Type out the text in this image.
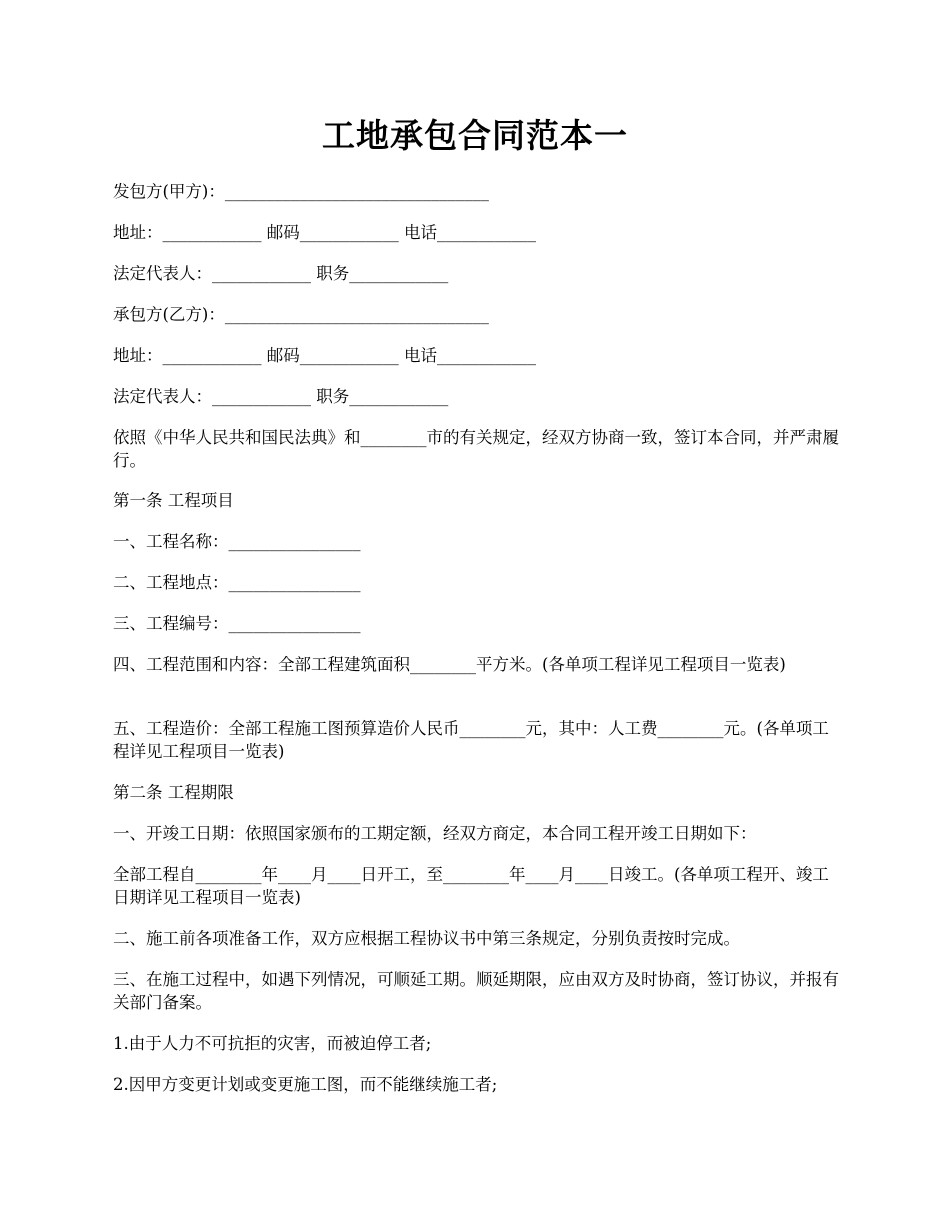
工地承包合同范本一

发包方(甲方)：________________________________

地址：____________ 邮码____________ 电话____________

法定代表人：____________ 职务____________

承包方(乙方)：________________________________

地址：____________ 邮码____________ 电话____________

法定代表人：____________ 职务____________

依照《中华人民共和国民法典》和________市的有关规定，经双方协商一致，签订本合同，并严肃履行。

第一条 工程项目

一、工程名称：________________

二、工程地点：________________

三、工程编号：________________

四、工程范围和内容：全部工程建筑面积________平方米。(各单项工程详见工程项目一览表)

五、工程造价：全部工程施工图预算造价人民币________元，其中：人工费________元。(各单项工程详见工程项目一览表)

第二条 工程期限

一、开竣工日期：依照国家颁布的工期定额，经双方商定，本合同工程开竣工日期如下：

全部工程自________年____月____日开工，至________年____月____日竣工。(各单项工程开、竣工日期详见工程项目一览表)

二、施工前各项准备工作，双方应根据工程协议书中第三条规定，分别负责按时完成。

三、在施工过程中，如遇下列情况，可顺延工期。顺延期限，应由双方及时协商，签订协议，并报有关部门备案。

1.由于人力不可抗拒的灾害，而被迫停工者;

2.因甲方变更计划或变更施工图，而不能继续施工者;
